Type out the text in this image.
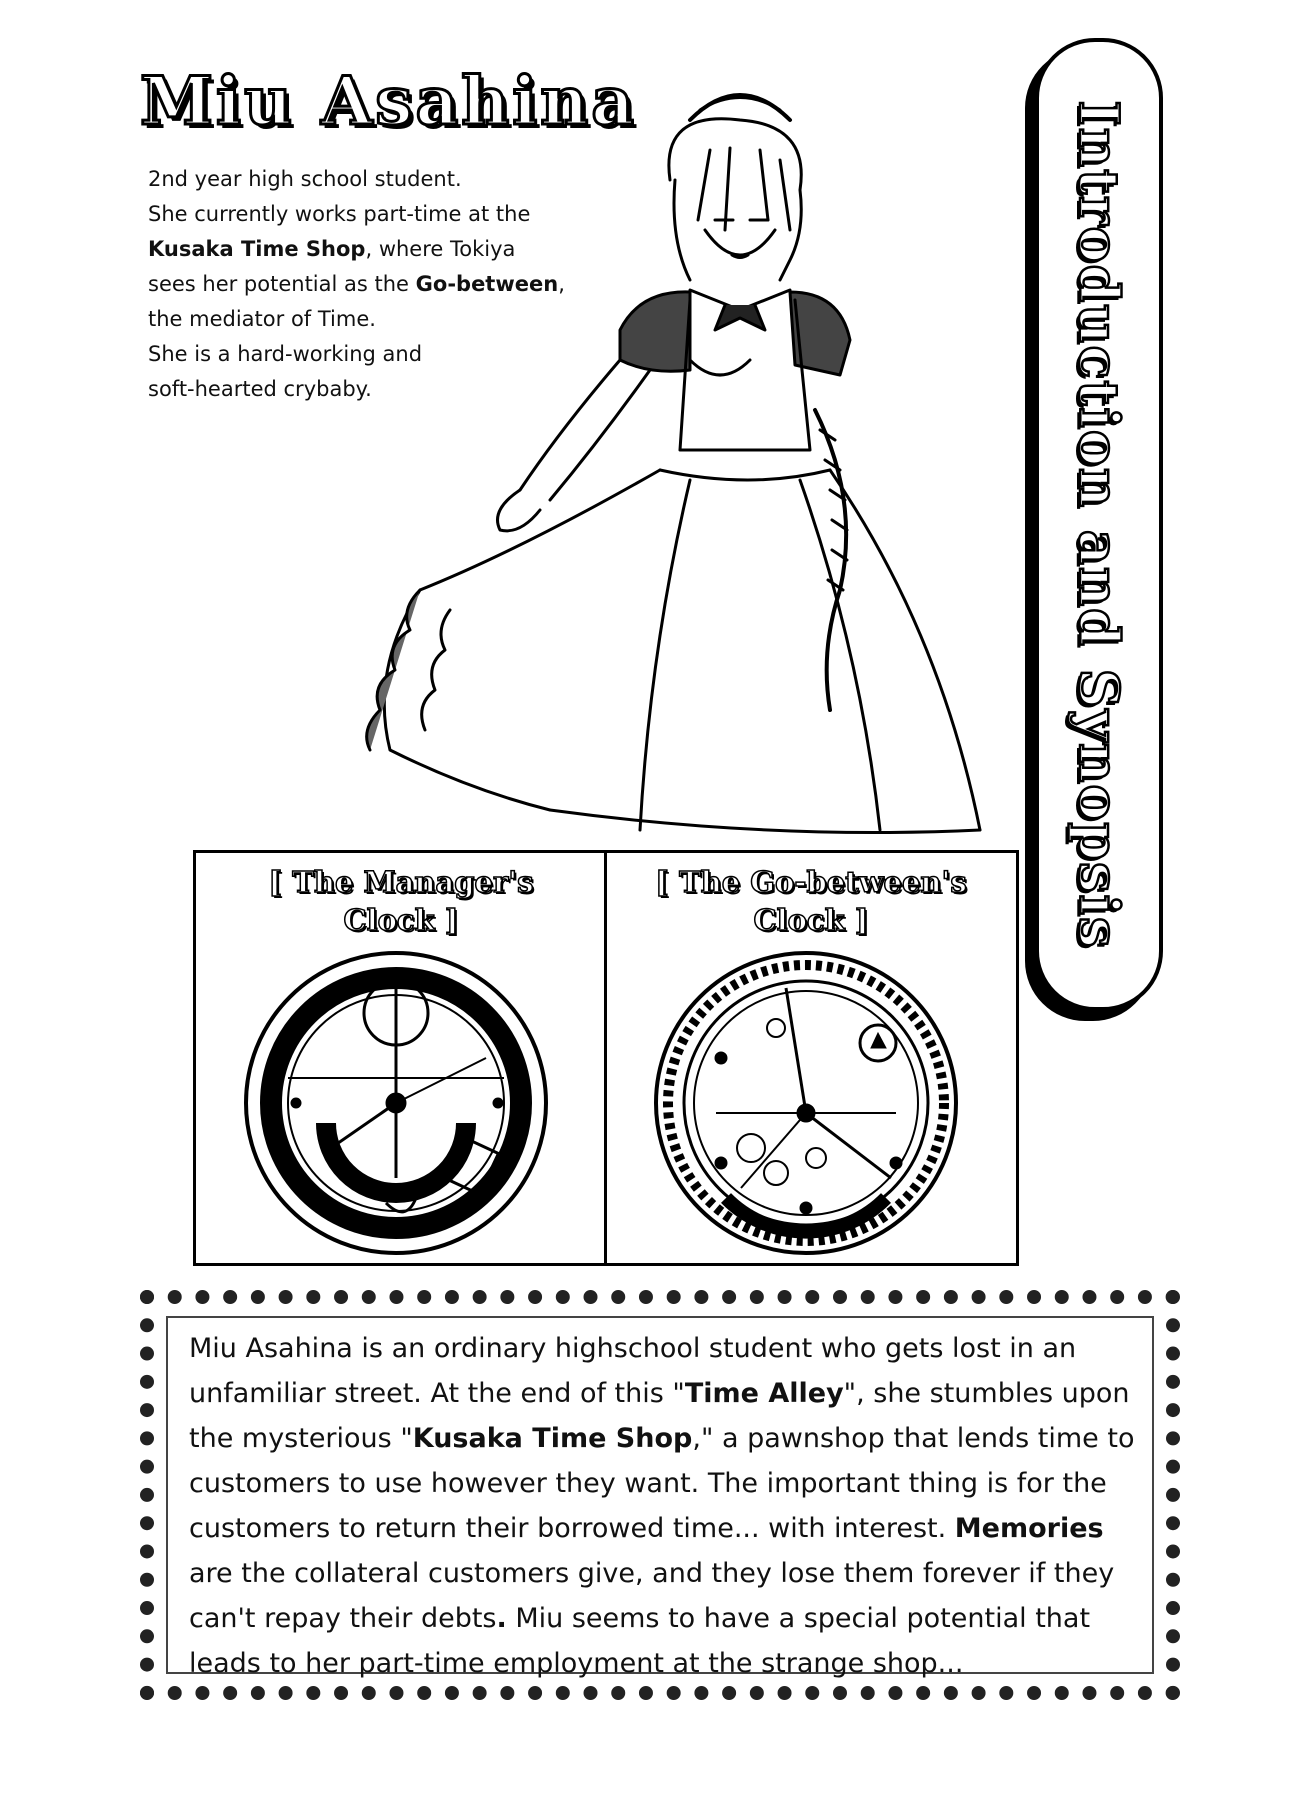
Miu Asahina
2nd year high school student.
She currently works part-time at the
Kusaka Time Shop, where Tokiya
sees her potential as the Go-between,
the mediator of Time.
She is a hard-working and
soft-hearted crybaby.	Introduction and Synopsis
[ The Manager's
Clock ]
[ The Go-between's
Clock ]
Miu Asahina is an ordinary highschool student who gets lost in an
unfamiliar street. At the end of this "Time Alley", she stumbles upon
the mysterious "Kusaka Time Shop," a pawnshop that lends time to
customers to use however they want. The important thing is for the
customers to return their borrowed time... with interest. Memories
are the collateral customers give, and they lose them forever if they
can't repay their debts. Miu seems to have a special potential that
leads to her part-time employment at the strange shop...
